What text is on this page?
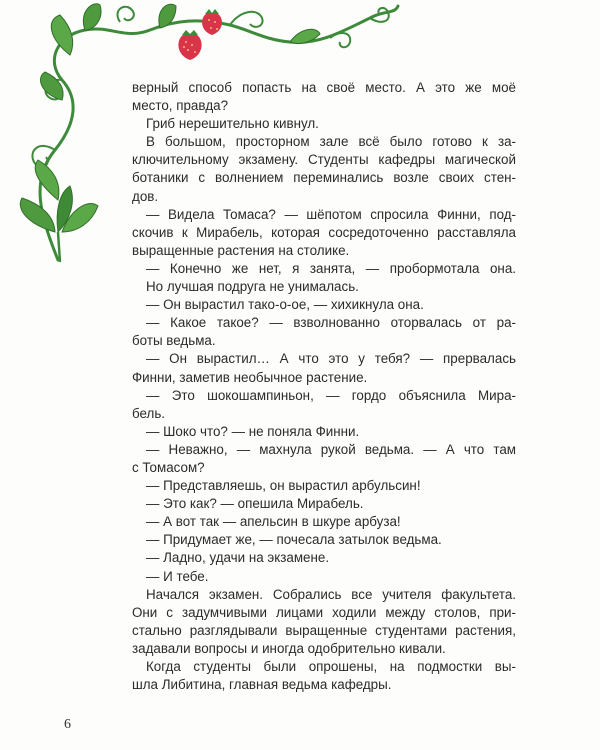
верный способ попасть на своё место. А это же моё
место, правда?
Гриб нерешительно кивнул.
В большом, просторном зале всё было готово к за-
ключительному экзамену. Студенты кафедры магической
ботаники с волнением переминались возле своих стен-
дов.
— Видела Томаса? — шёпотом спросила Финни, под-
скочив к Мирабель, которая сосредоточенно расставляла
выращенные растения на столике.
— Конечно же нет, я занята, — пробормотала она.
Но лучшая подруга не унималась.
— Он вырастил тако-о-ое, — хихикнула она.
— Какое такое? — взволнованно оторвалась от ра-
боты ведьма.
— Он вырастил… А что это у тебя? — прервалась
Финни, заметив необычное растение.
— Это шокошампиньон, — гордо объяснила Мира-
бель.
— Шоко что? — не поняла Финни.
— Неважно, — махнула рукой ведьма. — А что там
с Томасом?
— Представляешь, он вырастил арбульсин!
— Это как? — опешила Мирабель.
— А вот так — апельсин в шкуре арбуза!
— Придумает же, — почесала затылок ведьма.
— Ладно, удачи на экзамене.
— И тебе.
Начался экзамен. Собрались все учителя факультета.
Они с задумчивыми лицами ходили между столов, при-
стально разглядывали выращенные студентами растения,
задавали вопросы и иногда одобрительно кивали.
Когда студенты были опрошены, на подмостки вы-
шла Либитина, главная ведьма кафедры.
6
